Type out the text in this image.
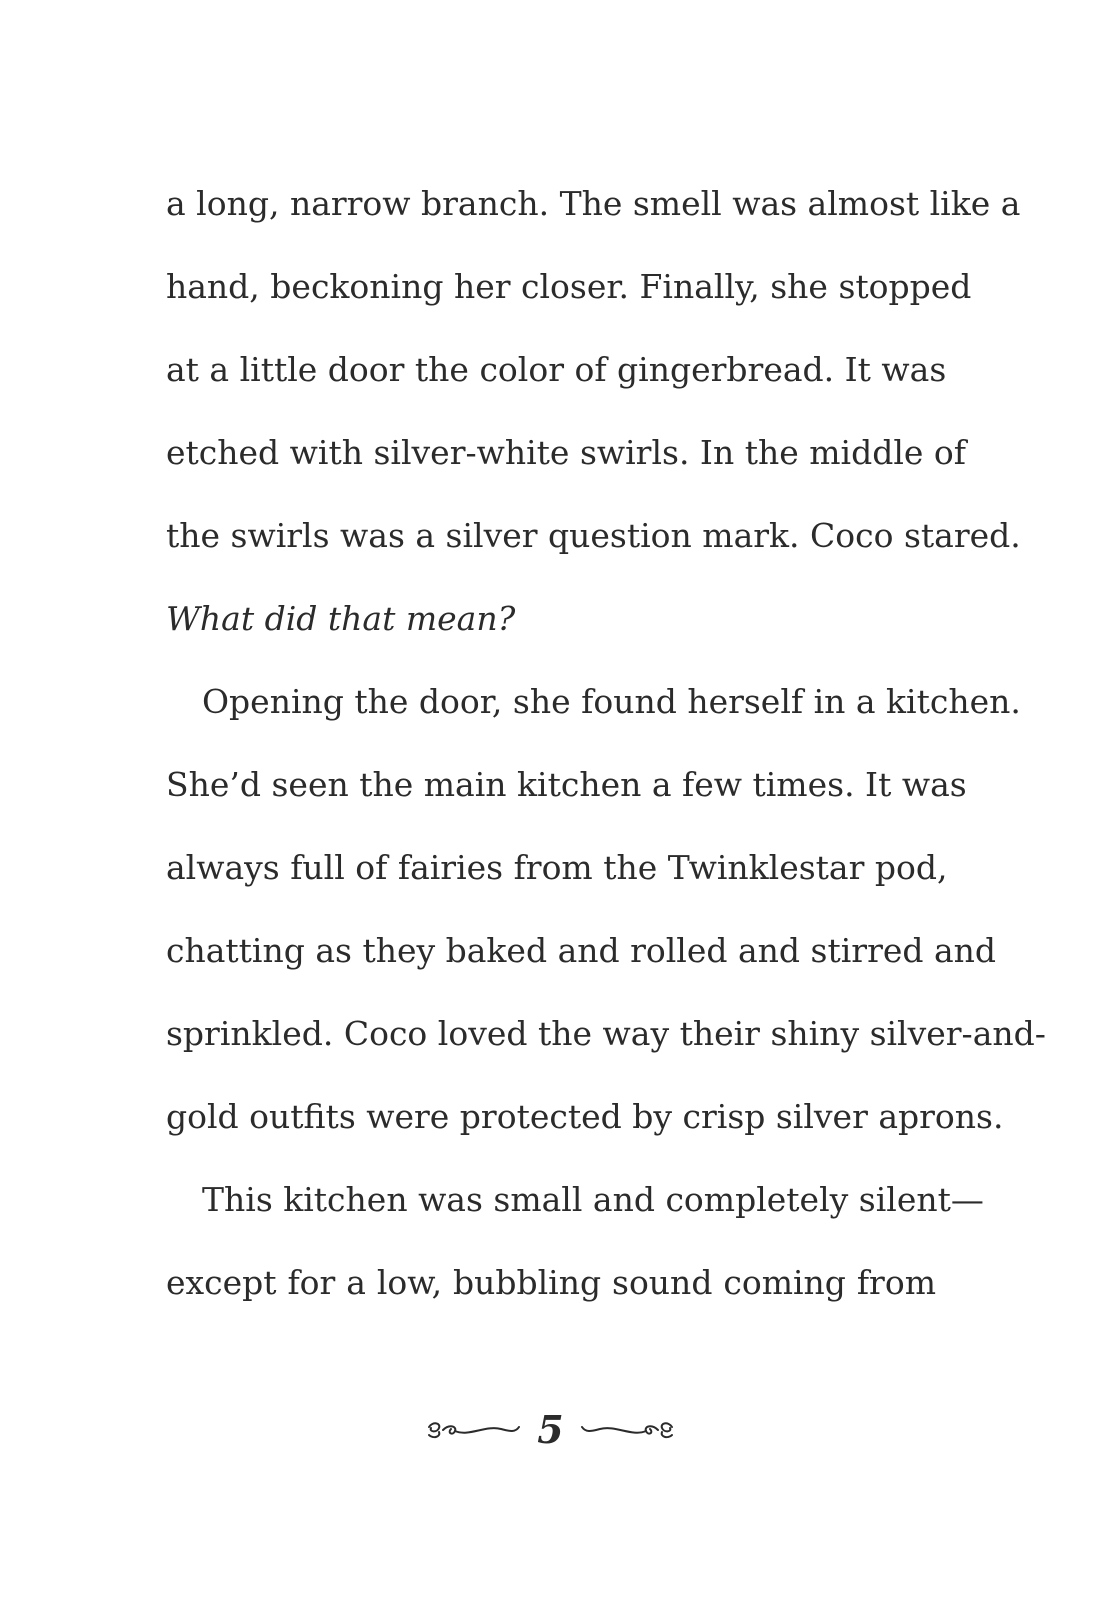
a long, narrow branch. The smell was almost like a
hand, beckoning her closer. Finally, she stopped
at a little door the color of gingerbread. It was
etched with silver-white swirls. In the middle of
the swirls was a silver question mark. Coco stared.
What did that mean?
Opening the door, she found herself in a kitchen.
She’d seen the main kitchen a few times. It was
always full of fairies from the Twinklestar pod,
chatting as they baked and rolled and stirred and
sprinkled. Coco loved the way their shiny silver-and-
gold outfits were protected by crisp silver aprons.
This kitchen was small and completely silent—
except for a low, bubbling sound coming from
5
